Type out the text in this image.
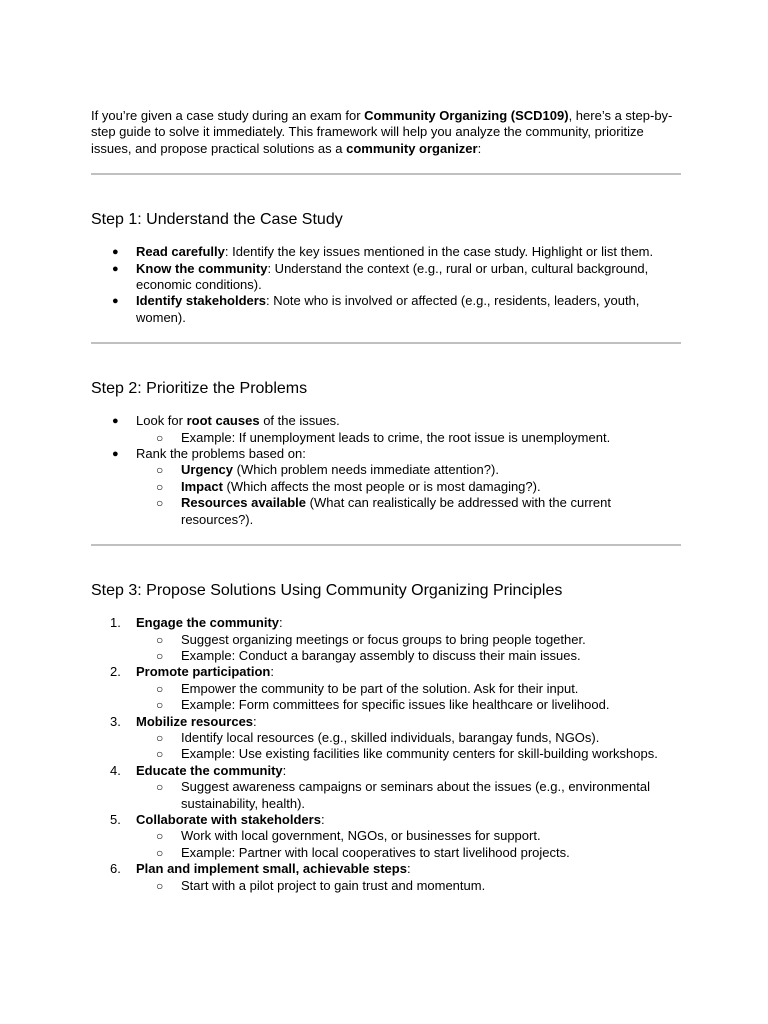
If you’re given a case study during an exam for Community Organizing (SCD109), here’s a step-by-step guide to solve it immediately. This framework will help you analyze the community, prioritize issues, and propose practical solutions as a community organizer:

Step 1: Understand the Case Study
● Read carefully: Identify the key issues mentioned in the case study. Highlight or list them.
● Know the community: Understand the context (e.g., rural or urban, cultural background, economic conditions).
● Identify stakeholders: Note who is involved or affected (e.g., residents, leaders, youth, women).
Step 2: Prioritize the Problems
● Look for root causes of the issues.
○ Example: If unemployment leads to crime, the root issue is unemployment.
● Rank the problems based on:
○ Urgency (Which problem needs immediate attention?).
○ Impact (Which affects the most people or is most damaging?).
○ Resources available (What can realistically be addressed with the current resources?).
Step 3: Propose Solutions Using Community Organizing Principles
1. Engage the community:
○ Suggest organizing meetings or focus groups to bring people together.
○ Example: Conduct a barangay assembly to discuss their main issues.
2. Promote participation:
○ Empower the community to be part of the solution. Ask for their input.
○ Example: Form committees for specific issues like healthcare or livelihood.
3. Mobilize resources:
○ Identify local resources (e.g., skilled individuals, barangay funds, NGOs).
○ Example: Use existing facilities like community centers for skill-building workshops.
4. Educate the community:
○ Suggest awareness campaigns or seminars about the issues (e.g., environmental sustainability, health).
5. Collaborate with stakeholders:
○ Work with local government, NGOs, or businesses for support.
○ Example: Partner with local cooperatives to start livelihood projects.
6. Plan and implement small, achievable steps:
○ Start with a pilot project to gain trust and momentum.
